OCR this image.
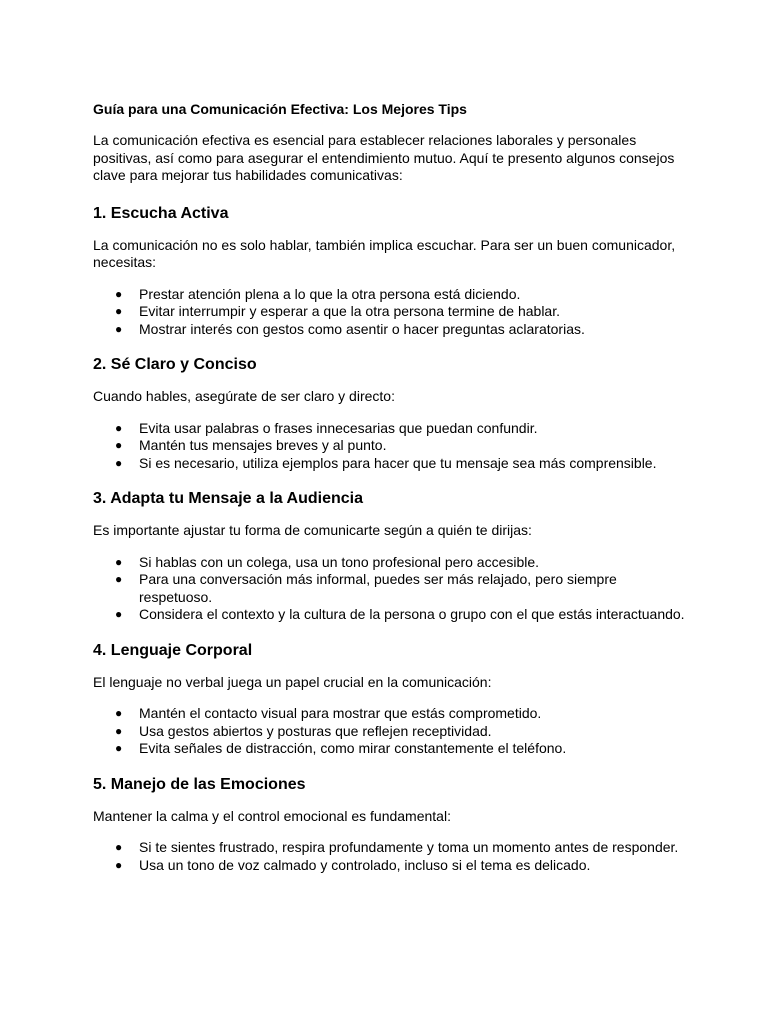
Guía para una Comunicación Efectiva: Los Mejores Tips

La comunicación efectiva es esencial para establecer relaciones laborales y personales positivas, así como para asegurar el entendimiento mutuo. Aquí te presento algunos consejos clave para mejorar tus habilidades comunicativas:

1. Escucha Activa

La comunicación no es solo hablar, también implica escuchar. Para ser un buen comunicador, necesitas:

● Prestar atención plena a lo que la otra persona está diciendo.
● Evitar interrumpir y esperar a que la otra persona termine de hablar.
● Mostrar interés con gestos como asentir o hacer preguntas aclaratorias.
2. Sé Claro y Conciso

Cuando hables, asegúrate de ser claro y directo:

● Evita usar palabras o frases innecesarias que puedan confundir.
● Mantén tus mensajes breves y al punto.
● Si es necesario, utiliza ejemplos para hacer que tu mensaje sea más comprensible.
3. Adapta tu Mensaje a la Audiencia

Es importante ajustar tu forma de comunicarte según a quién te dirijas:

● Si hablas con un colega, usa un tono profesional pero accesible.
● Para una conversación más informal, puedes ser más relajado, pero siempre respetuoso.
● Considera el contexto y la cultura de la persona o grupo con el que estás interactuando.
4. Lenguaje Corporal

El lenguaje no verbal juega un papel crucial en la comunicación:

● Mantén el contacto visual para mostrar que estás comprometido.
● Usa gestos abiertos y posturas que reflejen receptividad.
● Evita señales de distracción, como mirar constantemente el teléfono.
5. Manejo de las Emociones

Mantener la calma y el control emocional es fundamental:

● Si te sientes frustrado, respira profundamente y toma un momento antes de responder.
● Usa un tono de voz calmado y controlado, incluso si el tema es delicado.
